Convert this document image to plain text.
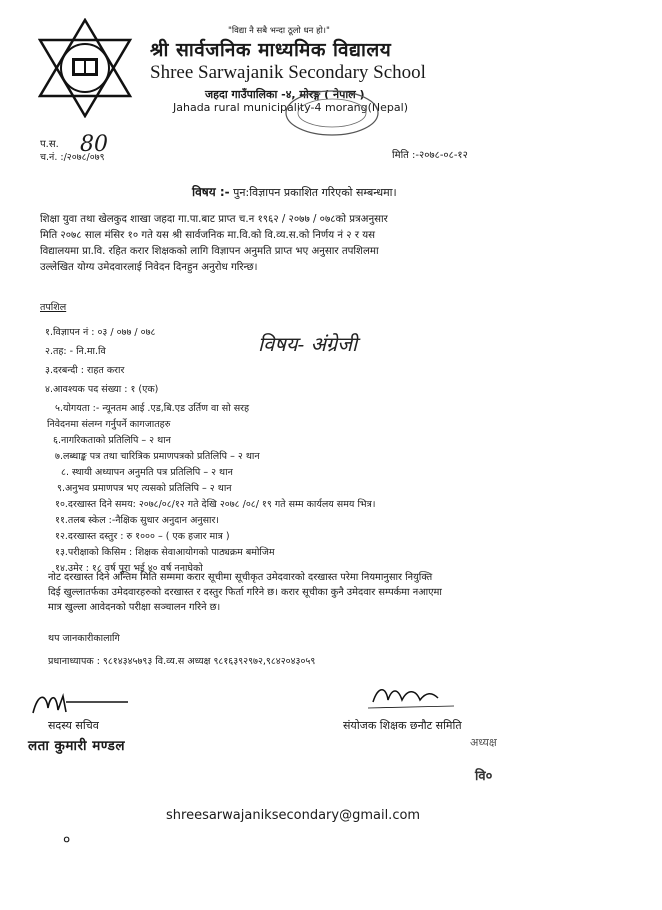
"विद्या नै सबै भन्दा ठूलो धन हो।"
श्री सार्वजनिक माध्यमिक विद्यालय
Shree Sarwajanik Secondary School
जहदा गाउँपालिका -४, मोरङ्ग ( नेपाल )
Jahada rural municipality-4 morang(Nepal)
प.स. 80
च.नं. :/२०७८/०७९	मिति :-२०७८-०८-१२
विषय :- पुन:विज्ञापन प्रकाशित गरिएको सम्बन्धमा।
शिक्षा युवा तथा खेलकुद शाखा जहदा गा.पा.बाट प्राप्त च.न १९६२ / २०७७ / ०७८को प्रत्रअनुसार
मिति २०७८ साल मंसिर १० गते यस श्री सार्वजनिक मा.वि.को वि.व्य.स.को निर्णय नं २ र यस
विद्यालयमा प्रा.वि. रहित करार शिक्षकको लागि विज्ञापन अनुमति प्राप्त भए अनुसार तपशिलमा
उल्लेखित योग्य उमेदवारलाई निवेदन दिनहुन अनुरोध गरिन्छ।
तपशिल
१.विज्ञापन नं : ०३ / ०७७ / ०७८
२.तह: - नि.मा.वि
३.दरबन्दी : राहत करार
४.आवश्यक पद संख्या : १ (एक)
५.योगयता :- न्यूनतम आई .एड,बि.एड उर्तिण वा सो सरह
निवेदनमा संलग्न गर्नुपर्ने कागजातहरु
६.नागरिकताको प्रतिलिपि – २ थान
७.लब्धाङ्क पत्र तथा चारित्रिक प्रमाणपत्रको प्रतिलिपि – २ थान
८. स्थायी अध्यापन अनुमति पत्र प्रतिलिपि – २ थान
९.अनुभव प्रमाणपत्र भए त्यसको प्रतिलिपि – २ थान
१०.दरखास्त दिने समय: २०७८/०८/१२ गते देखि २०७८ /०८/ १९ गते सम्म कार्यलय समय भित्र।
११.तलब स्केल :-नैक्षिक सुधार अनुदान अनुसार।
१२.दरखास्त दस्तुर : रु १००० – ( एक हजार मात्र )
१३.परीक्षाको किसिम : शिक्षक सेवाआयोगको पाठ्यक्रम बमोजिम
१४.उमेर : १८ वर्ष पुरा भई ४० वर्ष ननाघेको
विषय- अंग्रेजी
नोट दरखास्त दिने अन्तिम मिति सम्ममा करार सूचीमा सूचीकृत उमेदवारको दरखास्त परेमा नियमानुसार नियुक्ति
दिई खुल्लातर्फका उमेदवारहरुको दरखास्त र दस्तुर फिर्ता गरिने छ। करार सूचीका कुनै उमेदवार सम्पर्कमा नआएमा
मात्र खुल्ला आवेदनको परीक्षा सञ्चालन गरिने छ।
थप जानकारीकालागि
प्रधानाध्यापक : ९८१४३४५७९३ वि.व्य.स अध्यक्ष ९८१६३९२९७२,९८४२०४३०५९
सदस्य सचिव
लता कुमारी मण्डल
संयोजक शिक्षक छनौट समिति
अध्यक्ष
वि०
shreesarwajaniksecondary@gmail.com
०
